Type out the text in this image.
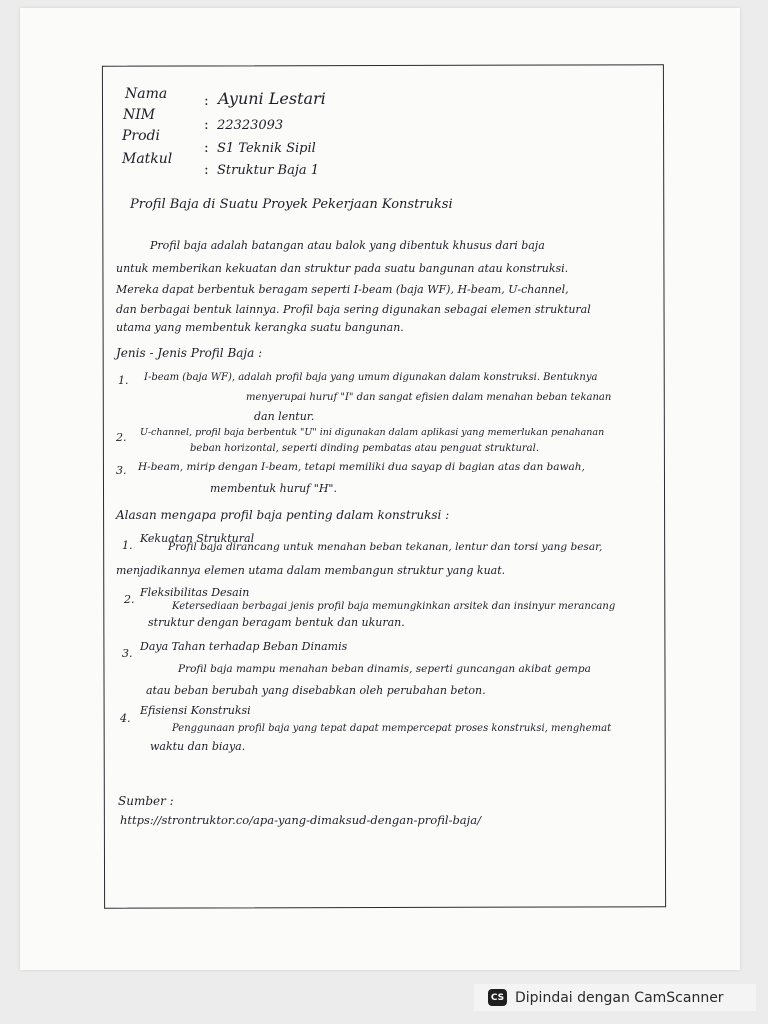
Nama
NIM
Prodi
Matkul
:
:
:
:
Ayuni Lestari
22323093
S1 Teknik Sipil
Struktur Baja 1
Profil Baja di Suatu Proyek Pekerjaan Konstruksi
Profil baja adalah batangan atau balok yang dibentuk khusus dari baja
untuk memberikan kekuatan dan struktur pada suatu bangunan atau konstruksi.
Mereka dapat berbentuk beragam seperti I-beam (baja WF), H-beam, U-channel,
dan berbagai bentuk lainnya. Profil baja sering digunakan sebagai elemen struktural
utama yang membentuk kerangka suatu bangunan.
Jenis - Jenis Profil Baja :
1. I-beam (baja WF), adalah profil baja yang umum digunakan dalam konstruksi. Bentuknya
menyerupai huruf "I" dan sangat efisien dalam menahan beban tekanan
dan lentur.
2. U-channel, profil baja berbentuk "U" ini digunakan dalam aplikasi yang memerlukan penahanan
beban horizontal, seperti dinding pembatas atau penguat struktural.
3. H-beam, mirip dengan I-beam, tetapi memiliki dua sayap di bagian atas dan bawah,
membentuk huruf "H".
Alasan mengapa profil baja penting dalam konstruksi :
1.
Kekuatan Struktural
Profil baja dirancang untuk menahan beban tekanan, lentur dan torsi yang besar,
menjadikannya elemen utama dalam membangun struktur yang kuat.
2.
Fleksibilitas Desain
Ketersediaan berbagai jenis profil baja memungkinkan arsitek dan insinyur merancang
struktur dengan beragam bentuk dan ukuran.
3.
Daya Tahan terhadap Beban Dinamis
Profil baja mampu menahan beban dinamis, seperti guncangan akibat gempa
atau beban berubah yang disebabkan oleh perubahan beton.
4.
Efisiensi Konstruksi
Penggunaan profil baja yang tepat dapat mempercepat proses konstruksi, menghemat
waktu dan biaya.
Sumber :
https://strontruktor.co/apa-yang-dimaksud-dengan-profil-baja/
CS Dipindai dengan CamScanner
